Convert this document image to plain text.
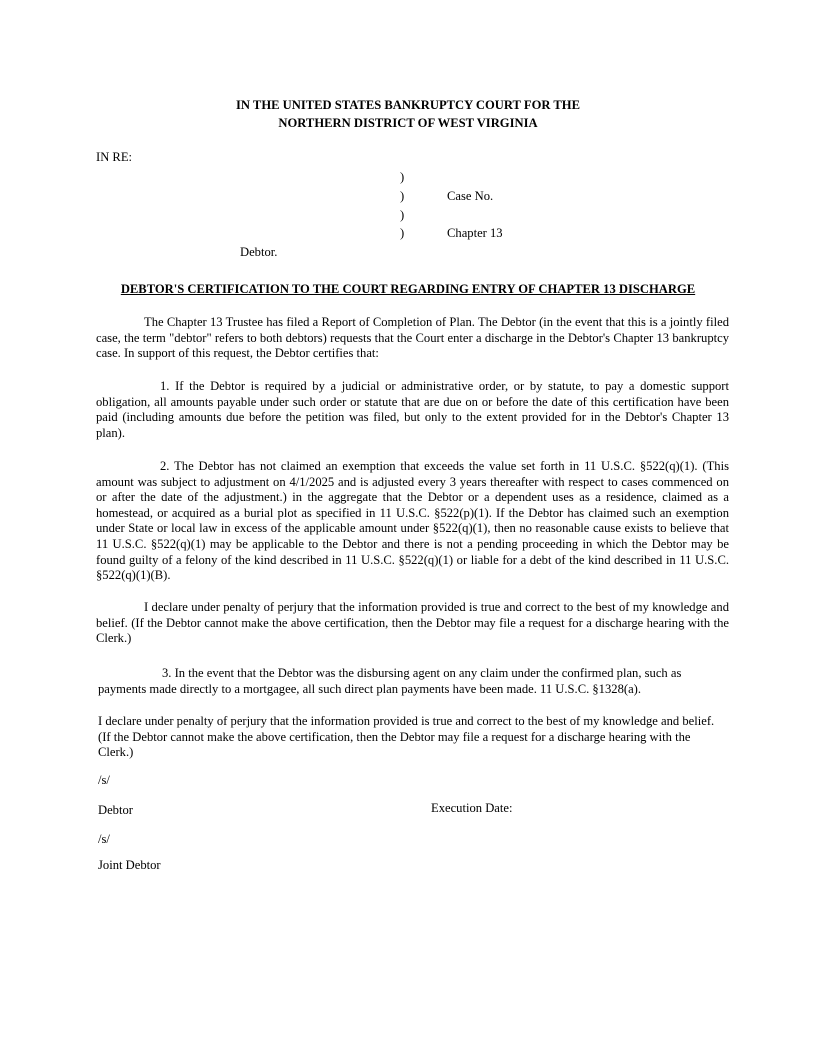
IN THE UNITED STATES BANKRUPTCY COURT FOR THE
NORTHERN DISTRICT OF WEST VIRGINIA
IN RE:
)
)
)
)
Case No.
Chapter 13
Debtor.
DEBTOR'S CERTIFICATION TO THE COURT REGARDING ENTRY OF CHAPTER 13 DISCHARGE
The Chapter 13 Trustee has filed a Report of Completion of Plan. The Debtor (in the event that this is a jointly filed case, the term "debtor" refers to both debtors) requests that the Court enter a discharge in the Debtor's Chapter 13 bankruptcy case. In support of this request, the Debtor certifies that:
1. If the Debtor is required by a judicial or administrative order, or by statute, to pay a domestic support obligation, all amounts payable under such order or statute that are due on or before the date of this certification have been paid (including amounts due before the petition was filed, but only to the extent provided for in the Debtor's Chapter 13 plan).
2. The Debtor has not claimed an exemption that exceeds the value set forth in 11 U.S.C. §522(q)(1). (This amount was subject to adjustment on 4/1/2025 and is adjusted every 3 years thereafter with respect to cases commenced on or after the date of the adjustment.) in the aggregate that the Debtor or a dependent uses as a residence, claimed as a homestead, or acquired as a burial plot as specified in 11 U.S.C. §522(p)(1). If the Debtor has claimed such an exemption under State or local law in excess of the applicable amount under §522(q)(1), then no reasonable cause exists to believe that 11 U.S.C. §522(q)(1) may be applicable to the Debtor and there is not a pending proceeding in which the Debtor may be found guilty of a felony of the kind described in 11 U.S.C. §522(q)(1) or liable for a debt of the kind described in 11 U.S.C. §522(q)(1)(B).
I declare under penalty of perjury that the information provided is true and correct to the best of my knowledge and belief. (If the Debtor cannot make the above certification, then the Debtor may file a request for a discharge hearing with the Clerk.)
3. In the event that the Debtor was the disbursing agent on any claim under the confirmed plan, such as payments made directly to a mortgagee, all such direct plan payments have been made. 11 U.S.C. §1328(a).
I declare under penalty of perjury that the information provided is true and correct to the best of my knowledge and belief. (If the Debtor cannot make the above certification, then the Debtor may file a request for a discharge hearing with the Clerk.)
/s/
Debtor	Execution Date:
/s/
Joint Debtor
